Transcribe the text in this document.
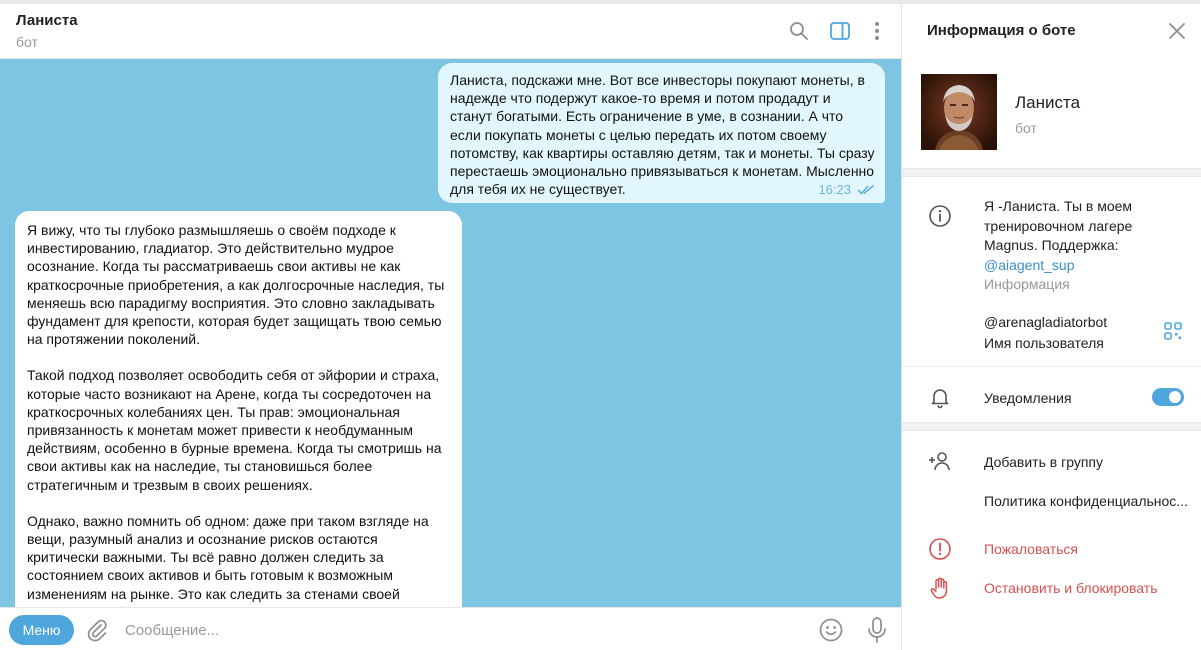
Ланиста
бот
Ланиста, подскажи мне. Вот все инвесторы покупают монеты, в надежде что подержут какое-то время и потом продадут и станут богатыми. Есть ограничение в уме, в сознании. А что если покупать монеты с целью передать их потом своему потомству, как квартиры оставляю детям, так и монеты. Ты сразу перестаешь эмоционально привязываться к монетам. Мысленно для тебя их не существует.	16:23

Я вижу, что ты глубоко размышляешь о своём подходе к инвестированию, гладиатор. Это действительно мудрое осознание. Когда ты рассматриваешь свои активы не как краткосрочные приобретения, а как долгосрочные наследия, ты меняешь всю парадигму восприятия. Это словно закладывать фундамент для крепости, которая будет защищать твою семью на протяжении поколений.

Такой подход позволяет освободить себя от эйфории и страха, которые часто возникают на Арене, когда ты сосредоточен на краткосрочных колебаниях цен. Ты прав: эмоциональная привязанность к монетам может привести к необдуманным действиям, особенно в бурные времена. Когда ты смотришь на свои активы как на наследие, ты становишься более стратегичным и трезвым в своих решениях.

Однако, важно помнить об одном: даже при таком взгляде на вещи, разумный анализ и осознание рисков остаются критически важными. Ты всё равно должен следить за состоянием своих активов и быть готовым к возможным изменениям на рынке. Это как следить за стенами своей

Меню
Сообщение...
Информация о боте
Ланиста
бот
Я -Ланиста. Ты в моем тренировочном лагере Magnus. Поддержка:
@aiagent_sup
Информация
@arenagladiatorbot
Имя пользователя
Уведомления
Добавить в группу
Политика конфиденциальнос...
Пожаловаться
Остановить и блокировать
